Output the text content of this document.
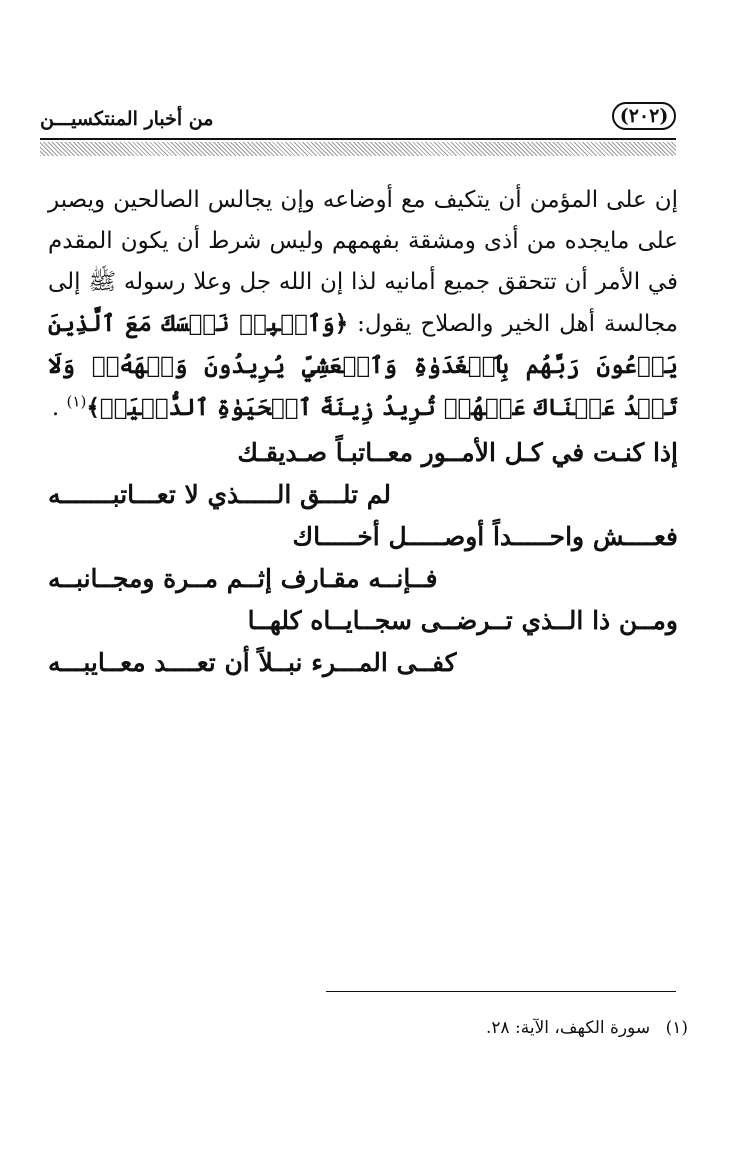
(٢٠٢)
من أخبار المنتكسيـــن

إن على المؤمن أن يتكيف مع أوضاعه وإن يجالس الصالحين ويصبر على مايجده من أذى ومشقة بفهمهم وليس شرط أن يكون المقدم في الأمر أن تتحقق جميع أمانيه لذا إن الله جل وعلا رسوله ﷺ إلى مجالسة أهل الخير والصلاح يقول: ﴿وَٱصۡبِرۡ نَفۡسَكَ مَعَ ٱلَّذِينَ يَدۡعُونَ رَبَّهُم بِٱلۡغَدَوٰةِ وَٱلۡعَشِيِّ يُرِيدُونَ وَجۡهَهُۥۖ وَلَا تَعۡدُ عَيۡنَاكَ عَنۡهُمۡ تُرِيدُ زِينَةَ ٱلۡحَيَوٰةِ ٱلدُّنۡيَاۖ﴾$^{(١)}$ .

إذا كنـت في كـل الأمــور معــاتبـاً صـديقـك
لم تلـــق الـــــذي لا تعـــاتبـــــــه
فعــــش واحـــــداً أوصـــــل أخـــــاك
فــإنــه مقـارف إثــم مــرة ومجــانبــه
ومــن ذا الــذي تــرضــى سجــايــاه كلهــا
كفــى المـــرء نبــلاً أن تعــــد معــايبـــه
(١) سورة الكهف، الآية: ٢٨.
